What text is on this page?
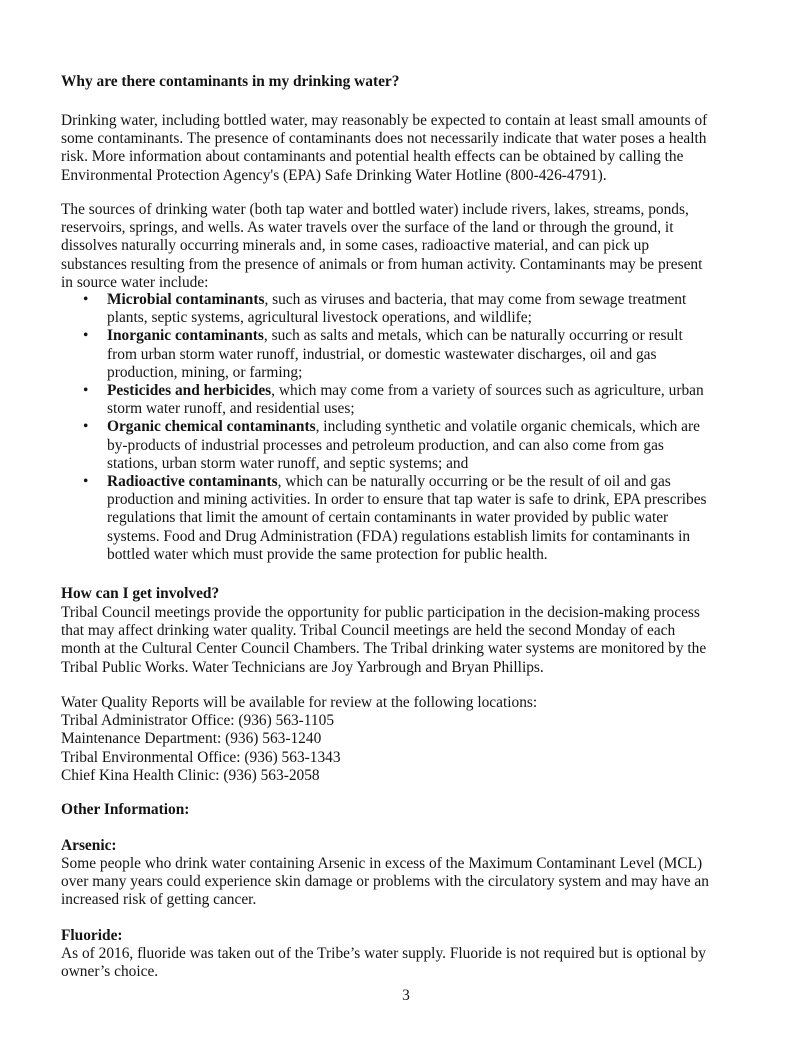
Why are there contaminants in my drinking water?
Drinking water, including bottled water, may reasonably be expected to contain at least small amounts of
some contaminants. The presence of contaminants does not necessarily indicate that water poses a health
risk. More information about contaminants and potential health effects can be obtained by calling the
Environmental Protection Agency's (EPA) Safe Drinking Water Hotline (800-426-4791).
The sources of drinking water (both tap water and bottled water) include rivers, lakes, streams, ponds,
reservoirs, springs, and wells. As water travels over the surface of the land or through the ground, it
dissolves naturally occurring minerals and, in some cases, radioactive material, and can pick up
substances resulting from the presence of animals or from human activity. Contaminants may be present
in source water include:
• Microbial contaminants, such as viruses and bacteria, that may come from sewage treatment
plants, septic systems, agricultural livestock operations, and wildlife;
• Inorganic contaminants, such as salts and metals, which can be naturally occurring or result
from urban storm water runoff, industrial, or domestic wastewater discharges, oil and gas
production, mining, or farming;
• Pesticides and herbicides, which may come from a variety of sources such as agriculture, urban
storm water runoff, and residential uses;
• Organic chemical contaminants, including synthetic and volatile organic chemicals, which are
by-products of industrial processes and petroleum production, and can also come from gas
stations, urban storm water runoff, and septic systems; and
• Radioactive contaminants, which can be naturally occurring or be the result of oil and gas
production and mining activities. In order to ensure that tap water is safe to drink, EPA prescribes
regulations that limit the amount of certain contaminants in water provided by public water
systems. Food and Drug Administration (FDA) regulations establish limits for contaminants in
bottled water which must provide the same protection for public health.
How can I get involved?
Tribal Council meetings provide the opportunity for public participation in the decision-making process
that may affect drinking water quality. Tribal Council meetings are held the second Monday of each
month at the Cultural Center Council Chambers. The Tribal drinking water systems are monitored by the
Tribal Public Works. Water Technicians are Joy Yarbrough and Bryan Phillips.
Water Quality Reports will be available for review at the following locations:
Tribal Administrator Office: (936) 563-1105
Maintenance Department: (936) 563-1240
Tribal Environmental Office: (936) 563-1343
Chief Kina Health Clinic: (936) 563-2058
Other Information:
Arsenic:
Some people who drink water containing Arsenic in excess of the Maximum Contaminant Level (MCL)
over many years could experience skin damage or problems with the circulatory system and may have an
increased risk of getting cancer.
Fluoride:
As of 2016, fluoride was taken out of the Tribe’s water supply. Fluoride is not required but is optional by
owner’s choice.
3
